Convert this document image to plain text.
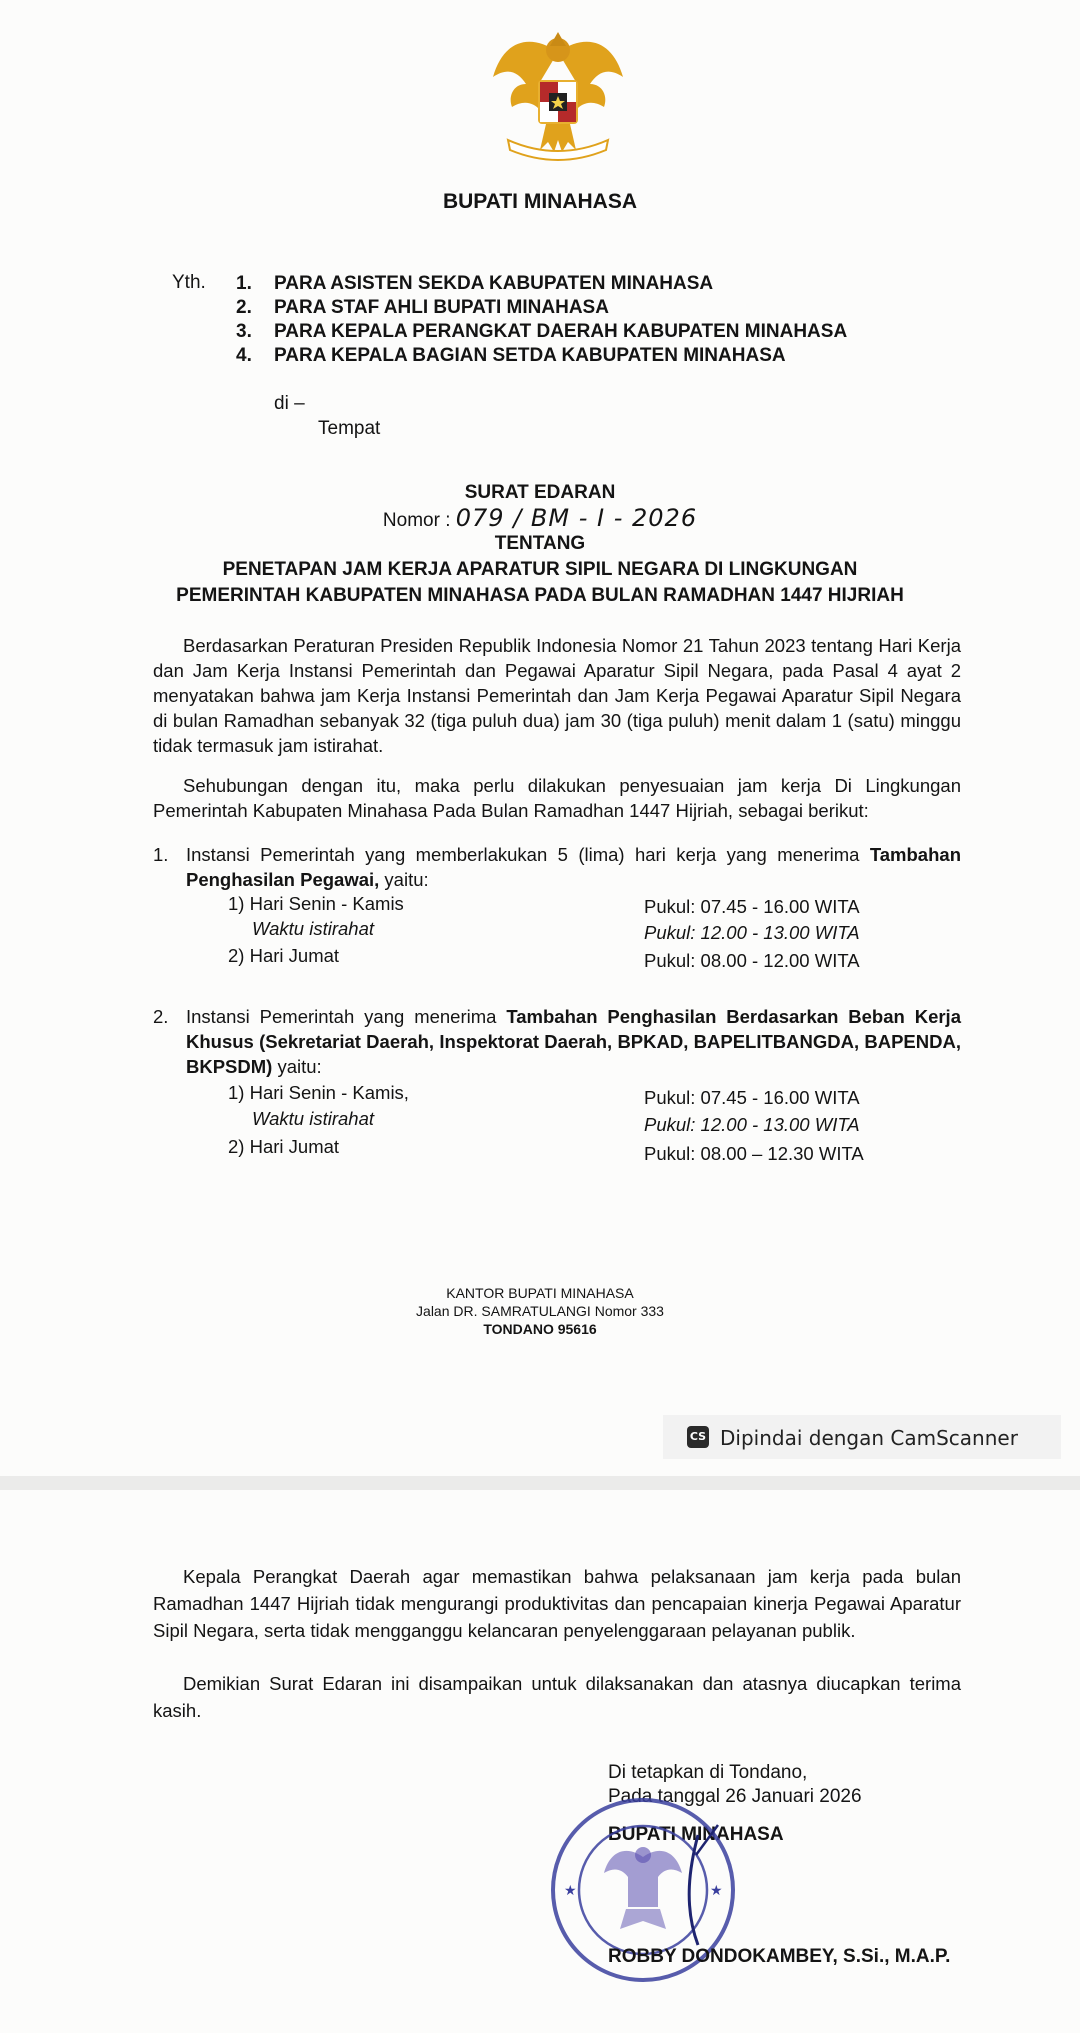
BUPATI MINAHASA
Yth. 1. PARA ASISTEN SEKDA KABUPATEN MINAHASA
2. PARA STAF AHLI BUPATI MINAHASA
3. PARA KEPALA PERANGKAT DAERAH KABUPATEN MINAHASA
4. PARA KEPALA BAGIAN SETDA KABUPATEN MINAHASA
di –
Tempat
SURAT EDARAN
Nomor : 079 / BM - I - 2026
TENTANG
PENETAPAN JAM KERJA APARATUR SIPIL NEGARA DI LINGKUNGAN
PEMERINTAH KABUPATEN MINAHASA PADA BULAN RAMADHAN 1447 HIJRIAH
Berdasarkan Peraturan Presiden Republik Indonesia Nomor 21 Tahun 2023 tentang Hari Kerja dan Jam Kerja Instansi Pemerintah dan Pegawai Aparatur Sipil Negara, pada Pasal 4 ayat 2 menyatakan bahwa jam Kerja Instansi Pemerintah dan Jam Kerja Pegawai Aparatur Sipil Negara di bulan Ramadhan sebanyak 32 (tiga puluh dua) jam 30 (tiga puluh) menit dalam 1 (satu) minggu tidak termasuk jam istirahat.
Sehubungan dengan itu, maka perlu dilakukan penyesuaian jam kerja Di Lingkungan Pemerintah Kabupaten Minahasa Pada Bulan Ramadhan 1447 Hijriah, sebagai berikut:
1. Instansi Pemerintah yang memberlakukan 5 (lima) hari kerja yang menerima Tambahan Penghasilan Pegawai, yaitu:
1) Hari Senin - Kamis	Pukul: 07.45 - 16.00 WITA
Waktu istirahat	Pukul: 12.00 - 13.00 WITA
2) Hari Jumat	Pukul: 08.00 - 12.00 WITA
2. Instansi Pemerintah yang menerima Tambahan Penghasilan Berdasarkan Beban Kerja Khusus (Sekretariat Daerah, Inspektorat Daerah, BPKAD, BAPELITBANGDA, BAPENDA, BKPSDM) yaitu:
1) Hari Senin - Kamis,	Pukul: 07.45 - 16.00 WITA
Waktu istirahat	Pukul: 12.00 - 13.00 WITA
2) Hari Jumat	Pukul: 08.00 – 12.30 WITA
KANTOR BUPATI MINAHASA
Jalan DR. SAMRATULANGI Nomor 333
TONDANO 95616
CS Dipindai dengan CamScanner
Kepala Perangkat Daerah agar memastikan bahwa pelaksanaan jam kerja pada bulan Ramadhan 1447 Hijriah tidak mengurangi produktivitas dan pencapaian kinerja Pegawai Aparatur Sipil Negara, serta tidak mengganggu kelancaran penyelenggaraan pelayanan publik.
Demikian Surat Edaran ini disampaikan untuk dilaksanakan dan atasnya diucapkan terima kasih.
Di tetapkan di Tondano,
Pada tanggal 26 Januari 2026
BUPATI MINAHASA
★	★
ROBBY DONDOKAMBEY, S.Si., M.A.P.
